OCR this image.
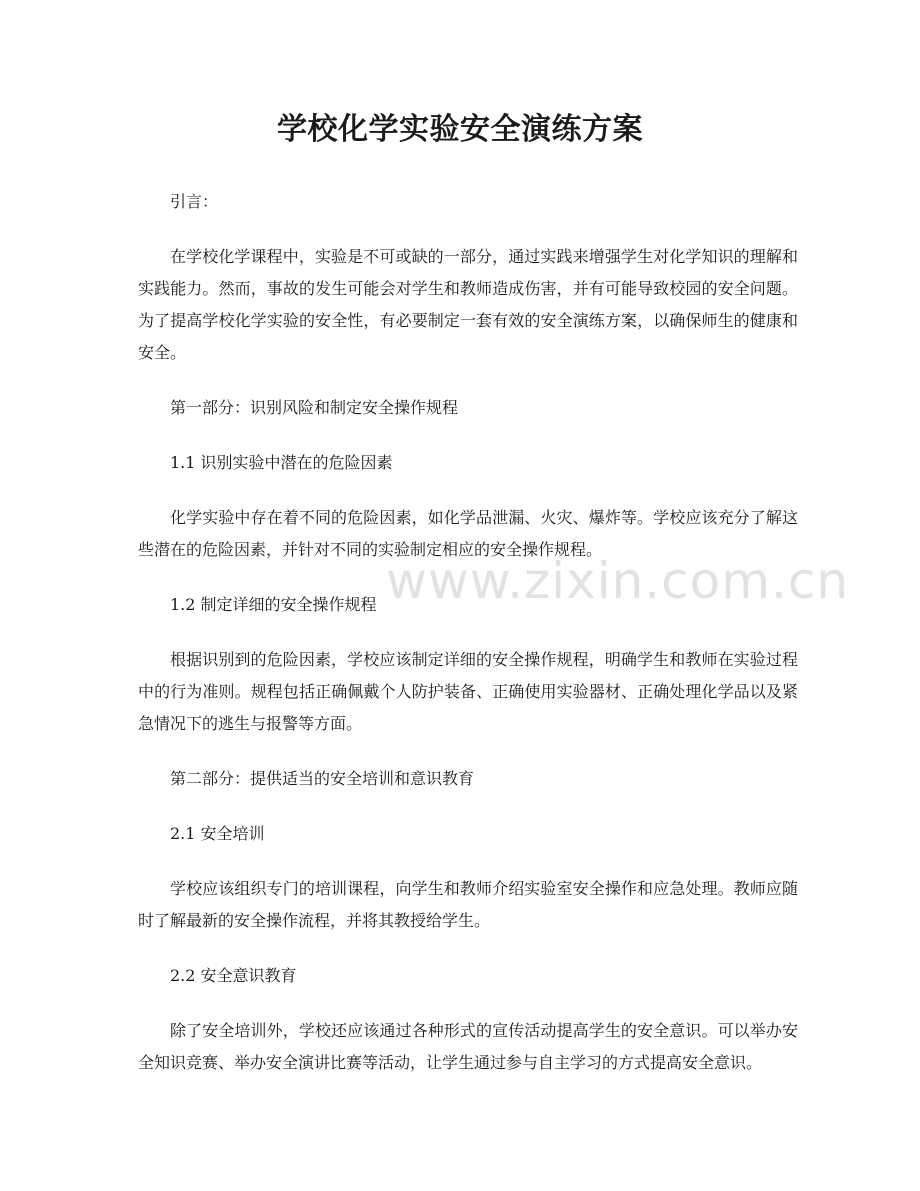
学校化学实验安全演练方案

引言：

在学校化学课程中，实验是不可或缺的一部分，通过实践来增强学生对化学知识的理解和实践能力。然而，事故的发生可能会对学生和教师造成伤害，并有可能导致校园的安全问题。为了提高学校化学实验的安全性，有必要制定一套有效的安全演练方案，以确保师生的健康和安全。

第一部分：识别风险和制定安全操作规程

1.1 识别实验中潜在的危险因素

化学实验中存在着不同的危险因素，如化学品泄漏、火灾、爆炸等。学校应该充分了解这些潜在的危险因素，并针对不同的实验制定相应的安全操作规程。

1.2 制定详细的安全操作规程

根据识别到的危险因素，学校应该制定详细的安全操作规程，明确学生和教师在实验过程中的行为准则。规程包括正确佩戴个人防护装备、正确使用实验器材、正确处理化学品以及紧急情况下的逃生与报警等方面。

第二部分：提供适当的安全培训和意识教育

2.1 安全培训

学校应该组织专门的培训课程，向学生和教师介绍实验室安全操作和应急处理。教师应随时了解最新的安全操作流程，并将其教授给学生。

2.2 安全意识教育

除了安全培训外，学校还应该通过各种形式的宣传活动提高学生的安全意识。可以举办安全知识竞赛、举办安全演讲比赛等活动，让学生通过参与自主学习的方式提高安全意识。

www.zixin.com.cn
